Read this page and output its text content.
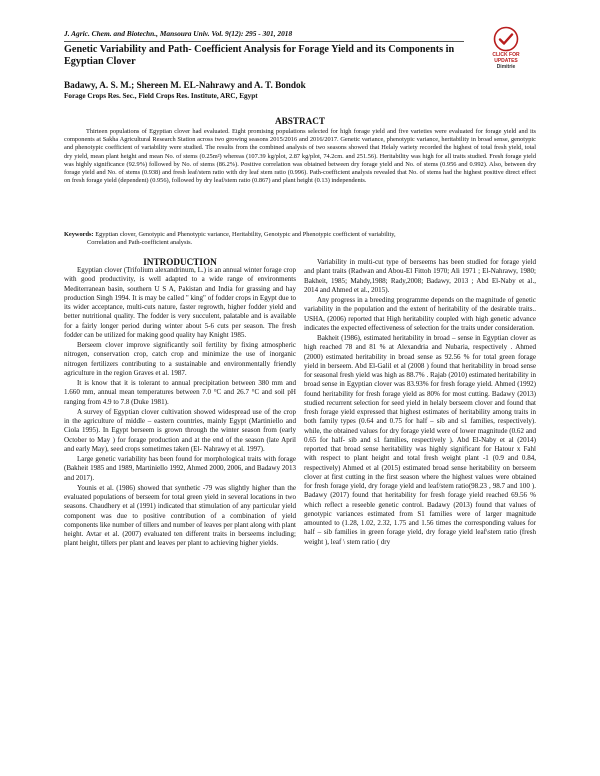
J. Agric. Chem. and Biotechn., Mansoura Univ. Vol. 9(12): 295 - 301, 2018
CLICK FOR
UPDATES
Dimitrie
Genetic Variability and Path- Coefficient Analysis for Forage Yield and its Components in Egyptian Clover
Badawy, A. S. M.; Shereen M. EL-Nahrawy and A. T. Bondok
Forage Crops Res. Sec., Field Crops Res. Institute, ARC, Egypt
ABSTRACT

Thirteen populations of Egyptian clover had evaluated. Eight promising populations selected for high forage yield and five varieties were evaluated for forage yield and its components at Sakha Agricultural Research Station across two growing seasons 2015/2016 and 2016/2017. Genetic variance, phenotypic variance, heritability in broad sense, genotypic and phenotypic coefficient of variability were studied. The results from the combined analysis of two seasons showed that Helaly variety recorded the highest of total fresh yield, total dry yield, mean plant height and mean No. of stems (0.25m²) whereas (107.39 kg/plot, 2.87 kg/plot, 74.2cm. and 251.56). Heritability was high for all traits studied. Fresh forage yield was highly significance (92.9%) followed by No. of stems (86.2%). Positive correlation was obtained between dry forage yield and No. of stems (0.956 and 0.992). Also, between dry forage yield and No. of stems (0.938) and fresh leaf/stem ratio with dry leaf stem ratio (0.996). Path-coefficient analysis revealed that No. of stems had the highest positive direct effect on fresh forage yield (dependent) (0.956), followed by dry leaf/stem ratio (0.867) and plant height (0.13) independents.

Keywords: Egyptian clover, Genotypic and Phenotypic variance, Heritability, Genotypic and Phenotypic coefficient of variability,
Correlation and Path-coefficient analysis.
INTRODUCTION

Egyptian clover (Trifolium alexandrinum, L.) is an annual winter forage crop with good productivity, is well adapted to a wide range of environments Mediterranean basin, southern U S A, Pakistan and India for grassing and hay production Singh 1994. It is may be called " king" of fodder crops in Egypt due to its wider acceptance, multi-cuts nature, faster regrowth, higher fodder yield and better nutritional quality. The fodder is very succulent, palatable and is available for a fairly longer period during winter about 5-6 cuts per season. The fresh fodder can be utilized for making good quality hay Knight 1985.

Berseem clover improve significantly soil fertility by fixing atmospheric nitrogen, conservation crop, catch crop and minimize the use of inorganic nitrogen fertilizers contributing to a sustainable and environmentally friendly agriculture in the region Graves et al. 1987.

It is know that it is tolerant to annual precipitation between 380 mm and 1.660 mm, annual mean temperatures between 7.0 °C and 26.7 °C and soil pH ranging from 4.9 to 7.8 (Duke 1981).

A survey of Egyptian clover cultivation showed widespread use of the crop in the agriculture of middle – eastern countries, mainly Egypt (Martiniello and Ciola 1995). In Egypt berseem is grown through the winter season from (early October to May ) for forage production and at the end of the season (late April and early May), seed crops sometimes taken (El- Nahrawy et al. 1997).

Large genetic variability has been found for morphological traits with forage (Bakheit 1985 and 1989, Martiniello 1992, Ahmed 2000, 2006, and Badawy 2013 and 2017).

Younis et al. (1986) showed that synthetic -79 was slightly higher than the evaluated populations of berseem for total green yield in several locations in two seasons. Chaudhery et al (1991) indicated that stimulation of any particular yield component was due to positive contribution of a combination of yield components like number of tillers and number of leaves per plant along with plant height. Avtar et al. (2007) evaluated ten different traits in berseems including; plant height, tillers per plant and leaves per plant to achieving higher yields.

Variability in multi-cut type of berseems has been studied for forage yield and plant traits (Radwan and Abou-El Fittoh 1970; Ali 1971 ; El-Nahrawy, 1980; Bakheit, 1985; Mahdy,1988; Rady,2008; Badawy, 2013 ; Abd El-Naby et al., 2014 and Ahmed et al., 2015).

Any progress in a breeding programme depends on the magnitude of genetic variability in the population and the extent of heritability of the desirable traits.. USHA, (2006) reported that High heritability coupled with high genetic advance indicates the expected effectiveness of selection for the traits under consideration.

Bakheit (1986), estimated heritability in broad – sense in Egyptian clover as high reached 78 and 81 % at Alexandria and Nubaria, respectively . Ahmed (2000) estimated heritability in broad sense as 92.56 % for total green forage yield in berseem. Abd El-Galil et al (2008 ) found that heritability in broad sense for seasonal fresh yield was high as 88.7% . Rajab (2010) estimated heritability in broad sense in Egyptian clover was 83.93% for fresh forage yield. Ahmed (1992) found heritability for fresh forage yield as 80% for most cutting. Badawy (2013) studied recurrent selection for seed yield in helaly berseem clover and found that fresh forage yield expressed that highest estimates of heritability among traits in both family types (0.64 and 0.75 for half – sib and s1 families, respectively). while, the obtained values for dry forage yield were of lower magnitude (0.62 and 0.65 for half- sib and s1 families, respectively ). Abd El-Naby et al (2014) reported that broad sense heritability was highly significant for Hatour x Fahl with respect to plant height and total fresh weight plant -1 (0.9 and 0.84, respectively) Ahmed et al (2015) estimated broad sense heritability on berseem clover at first cutting in the first season where the highest values were obtained for fresh forage yield, dry forage yield and leaf/stem ratio(98.23 , 98.7 and 100 ). Badawy (2017) found that heritability for fresh forage yield reached 69.56 % which reflect a reseeble genetic control. Badawy (2013) found that values of genotypic variances estimated from S1 families were of larger magnitude amounted to (1.28, 1.02, 2.32, 1.75 and 1.56 times the corresponding values for half – sib families in green forage yield, dry forage yield leaf\stem ratio (fresh weight ), leaf \ stem ratio ( dry
